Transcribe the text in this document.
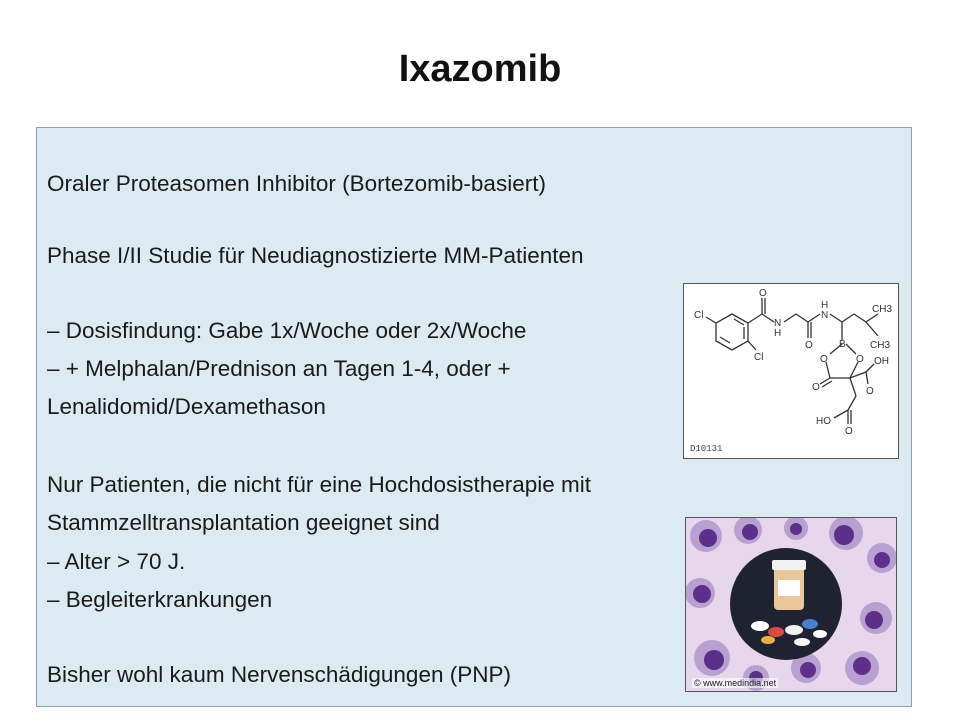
Ixazomib
Oraler Proteasomen Inhibitor (Bortezomib-basiert)
Phase I/II Studie für Neudiagnostizierte MM-Patienten
– Dosisfindung: Gabe 1x/Woche oder 2x/Woche
– + Melphalan/Prednison an Tagen 1-4, oder +
Lenalidomid/Dexamethason
Nur Patienten, die nicht für eine Hochdosistherapie mit
Stammzelltransplantation geeignet sind
– Alter > 70 J.
– Begleiterkrankungen
Bisher wohl kaum Nervenschädigungen (PNP)
Cl
Cl
O
O
H
N
N
H	CH3
CH3
B
O	O
O
OH
O
O
HO
D10131
© www.medindia.net
